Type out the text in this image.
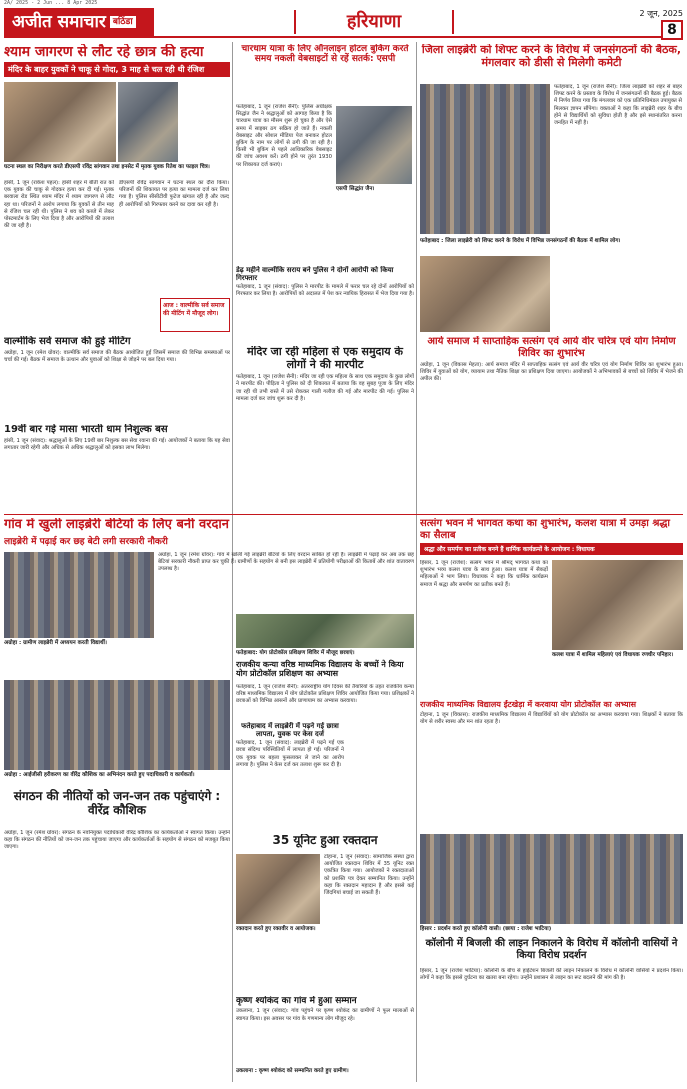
2A/ 2025 - 2 Jun ... 8 Apr 2025
अजीत समाचार बठिंडा	हरियाणा	2 जून, 2025
8
श्याम जागरण से लौट रहे छात्र की हत्या
मंदिर के बाहर युवकों ने चाकू से गोदा, 3 माह से चल रही थी रंजिश
घटना स्थल का निरीक्षण करते डीएसपी रविंद्र सांगवान तथा इनसेट में मृतक युवक रितेश का फाइल चित्र।
हांसी, 1 जून (राकेश पहल): हांसी शहर में बीती रात को एक युवक की चाकू से गोदकर हत्या कर दी गई। मृतक बरवाला रोड स्थित श्याम मंदिर में श्याम जागरण से लौट रहा था। परिजनों ने आरोप लगाया कि युवकों से तीन माह से रंजिश चल रही थी। पुलिस ने शव को कब्जे में लेकर पोस्टमार्टम के लिए भेज दिया है और आरोपियों की तलाश की जा रही है।
डीएसपी रविंद्र सांगवान ने घटना स्थल का दौरा किया। परिजनों की शिकायत पर हत्या का मामला दर्ज कर लिया गया है। पुलिस सीसीटीवी फुटेज खंगाल रही है और जल्द ही आरोपियों को गिरफ्तार करने का दावा कर रही है।
आज : वाल्मीकि सर्व समाज की मीटिंग में मौजूद लोग।
वाल्मीकि सर्व समाज की हुई मीटिंग
अग्रोहा, 1 जून (रमेश ग्रोवर): वाल्मीकि सर्व समाज की बैठक आयोजित हुई जिसमें समाज की विभिन्न समस्याओं पर चर्चा की गई। बैठक में समाज के उत्थान और युवाओं को शिक्षा से जोड़ने पर बल दिया गया।
19वीं बार गई मासा भारती धाम निशुल्क बस
हांसी, 1 जून (संवाद): श्रद्धालुओं के लिए 19वीं बार निशुल्क बस सेवा रवाना की गई। आयोजकों ने बताया कि यह सेवा लगातार जारी रहेगी और अधिक से अधिक श्रद्धालुओं को इसका लाभ मिलेगा।
चारधाम यात्रा के लिए ऑनलाइन होटल बुकिंग करते समय नकली वेबसाइटों से रहें सतर्क: एसपी
एसपी सिद्धांत जैन।
फतेहाबाद, 1 जून (राजेश सैनी): पुलिस अधीक्षक सिद्धांत जैन ने श्रद्धालुओं को आगाह किया है कि चारधाम यात्रा का मौसम शुरू हो चुका है और ऐसे समय में साइबर ठग सक्रिय हो जाते हैं। नकली वेबसाइट और सोशल मीडिया पेज बनाकर होटल बुकिंग के नाम पर लोगों से ठगी की जा रही है। किसी भी बुकिंग से पहले आधिकारिक वेबसाइट की जांच अवश्य करें। ठगी होने पर तुरंत 1930 पर शिकायत दर्ज कराएं।
डेढ़ महीने वाल्मीकि सराय बने पुलिस ने दोनों आरोपी को किया गिरफ्तार
फतेहाबाद, 1 जून (संवाद): पुलिस ने मारपीट के मामले में फरार चल रहे दोनों आरोपियों को गिरफ्तार कर लिया है। आरोपियों को अदालत में पेश कर न्यायिक हिरासत में भेज दिया गया है।
मंदिर जा रही महिला से एक समुदाय के लोगों ने की मारपीट
फतेहाबाद, 1 जून (राजेश सैनी): मंदिर जा रही एक महिला के साथ एक समुदाय के कुछ लोगों ने मारपीट की। पीड़िता ने पुलिस को दी शिकायत में बताया कि वह सुबह पूजा के लिए मंदिर जा रही थी तभी रास्ते में उसे रोककर गाली गलौज की गई और मारपीट की गई। पुलिस ने मामला दर्ज कर जांच शुरू कर दी है।
जिला लाइब्रेरी को शिफ्ट करने के विरोध में जनसंगठनों की बैठक, मंगलवार को डीसी से मिलेगी कमेटी
फतेहाबाद, 1 जून (राजेश सैनी): जिला लाइब्रेरी को शहर से बाहर शिफ्ट करने के प्रस्ताव के विरोध में जनसंगठनों की बैठक हुई। बैठक में निर्णय लिया गया कि मंगलवार को एक प्रतिनिधिमंडल उपायुक्त से मिलकर ज्ञापन सौंपेगा। वक्ताओं ने कहा कि लाइब्रेरी शहर के बीच होने से विद्यार्थियों को सुविधा होती है और इसे स्थानांतरित करना जनहित में नहीं है।
फतेहाबाद : जिला लाइब्रेरी को शिफ्ट करने के विरोध में विभिन्न जनसंगठनों की बैठक में शामिल लोग।
आर्य समाज में साप्ताहिक सत्संग एवं आर्य वीर चरित्र एवं योग निर्माण शिविर का शुभारंभ
अग्रोहा, 1 जून (विकास मेहता): आर्य समाज मंदिर में साप्ताहिक सत्संग एवं आर्य वीर चरित्र एवं योग निर्माण शिविर का शुभारंभ हुआ। शिविर में युवाओं को योग, व्यायाम तथा नैतिक शिक्षा का प्रशिक्षण दिया जाएगा। आयोजकों ने अभिभावकों से बच्चों को शिविर में भेजने की अपील की।
गांव में खुली लाइब्रेरी बेटियों के लिए बनी वरदान
लाइब्रेरी में पढ़ाई कर छह बेटी लगी सरकारी नौकरी
अग्रोहा : ग्रामीण लाइब्रेरी में अध्ययन करती विद्यार्थी।
अग्रोहा, 1 जून (रमेश ग्रोवर): गांव में खोली गई लाइब्रेरी बेटियों के लिए वरदान साबित हो रही है। लाइब्रेरी में पढ़ाई कर अब तक छह बेटियां सरकारी नौकरी प्राप्त कर चुकी हैं। ग्रामीणों के सहयोग से बनी इस लाइब्रेरी में प्रतियोगी परीक्षाओं की किताबें और शांत वातावरण उपलब्ध है।
फतेहाबाद: योग प्रोटोकॉल प्रशिक्षण शिविर में मौजूद छात्राएं।
राजकीय कन्या वरिष्ठ माध्यमिक विद्यालय के बच्चों ने किया योग प्रोटोकॉल प्रशिक्षण का अभ्यास
फतेहाबाद, 1 जून (राजेश सैनी): अंतरराष्ट्रीय योग दिवस की तैयारियों के तहत राजकीय कन्या वरिष्ठ माध्यमिक विद्यालय में योग प्रोटोकॉल प्रशिक्षण शिविर आयोजित किया गया। प्रशिक्षकों ने छात्राओं को विभिन्न आसनों और प्राणायाम का अभ्यास करवाया।
सत्संग भवन में भागवत कथा का शुभारंभ, कलश यात्रा में उमड़ा श्रद्धा का सैलाब
श्रद्धा और समर्पण का प्रतीक बनने हैं धार्मिक कार्यक्रमों के आयोजन : विधायक
हिसार, 1 जून (राजेश): सत्संग भवन में श्रीमद् भागवत कथा का शुभारंभ भव्य कलश यात्रा के साथ हुआ। कलश यात्रा में सैकड़ों महिलाओं ने भाग लिया। विधायक ने कहा कि धार्मिक कार्यक्रम समाज में श्रद्धा और समर्पण का प्रतीक बनते हैं।
कलश यात्रा में शामिल महिलाएं एवं विधायक रणधीर पनिहार।
अग्रोहा : आईजीसी हरीकरण का वीरेंद्र कौशिक का अभिनंदन करते हुए पदाधिकारी व कार्यकर्ता।
संगठन की नीतियों को जन-जन तक पहुंचाएंगे : वीरेंद्र कौशिक
अग्रोहा, 1 जून (रमेश ग्रोवर): संगठन के नवनियुक्त पदाधिकारी वीरेंद्र कौशिक का कार्यकर्ताओं ने स्वागत किया। उन्होंने कहा कि संगठन की नीतियों को जन-जन तक पहुंचाया जाएगा और कार्यकर्ताओं के सहयोग से संगठन को मजबूत किया जाएगा।
फतेहाबाद में लाइब्रेरी में पढ़ने गई छात्रा लापता, युवक पर केस दर्ज
फतेहाबाद, 1 जून (संवाद): लाइब्रेरी में पढ़ने गई एक छात्रा संदिग्ध परिस्थितियों में लापता हो गई। परिजनों ने एक युवक पर बहला फुसलाकर ले जाने का आरोप लगाया है। पुलिस ने केस दर्ज कर तलाश शुरू कर दी है।
35 यूनिट हुआ रक्तदान
रक्तदान करते हुए रक्तवीर व आयोजक।
टोहाना, 1 जून (संवाद): सामाजिक संस्था द्वारा आयोजित रक्तदान शिविर में 35 यूनिट रक्त एकत्रित किया गया। आयोजकों ने रक्तदाताओं को प्रशस्ति पत्र देकर सम्मानित किया। उन्होंने कहा कि रक्तदान महादान है और इससे कई जिंदगियां बचाई जा सकती हैं।
कृष्ण श्योकंद का गांव में हुआ सम्मान
उकलाना, 1 जून (संवाद): गांव पहुंचने पर कृष्ण श्योकंद का ग्रामीणों ने फूल मालाओं से स्वागत किया। इस अवसर पर गांव के गणमान्य लोग मौजूद रहे।
उकलाना : कृष्ण श्योकंद को सम्मानित करते हुए ग्रामीण।
राजकीय माध्यमिक विद्यालय ईंटखेड़ा में करवाया योग प्रोटोकॉल का अभ्यास
टोहाना, 1 जून (विकास): राजकीय माध्यमिक विद्यालय में विद्यार्थियों को योग प्रोटोकॉल का अभ्यास करवाया गया। शिक्षकों ने बताया कि योग से शरीर स्वस्थ और मन शांत रहता है।
हिसार : प्रदर्शन करते हुए कॉलोनी वासी। (छाया : राजेश भाटिया)
कॉलोनी में बिजली की लाइन निकालने के विरोध में कॉलोनी वासियों ने किया विरोध प्रदर्शन
हिसार, 1 जून (राजेश भाटिया): कॉलोनी के बीच से हाईटेंशन बिजली की लाइन निकालने के विरोध में कॉलोनी वासियों ने प्रदर्शन किया। लोगों ने कहा कि इससे दुर्घटना का खतरा बना रहेगा। उन्होंने प्रशासन से लाइन का रूट बदलने की मांग की है।
